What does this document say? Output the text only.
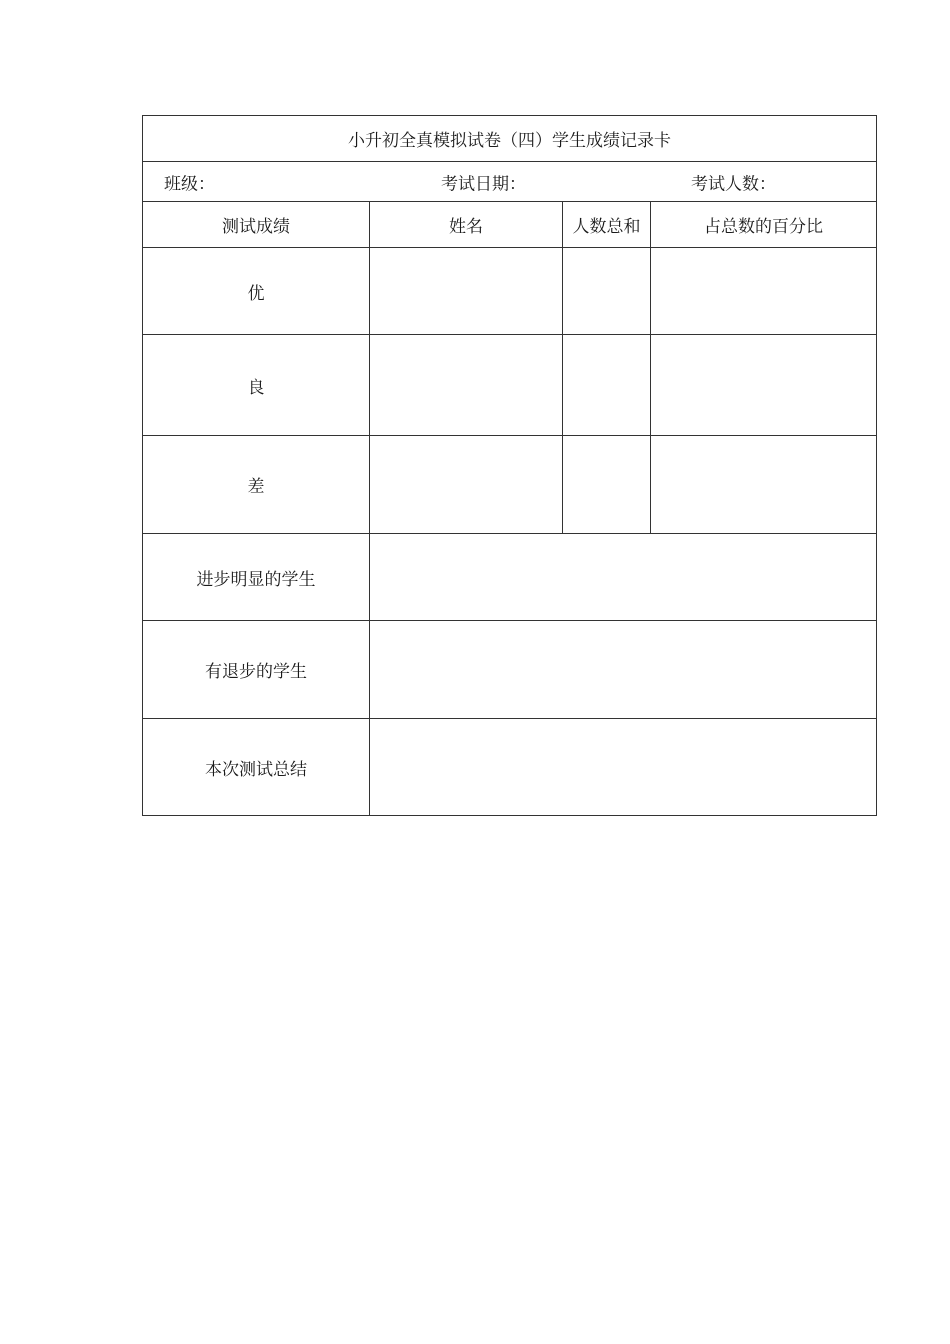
小升初全真模拟试卷（四）学生成绩记录卡			

班级： 考试日期： 考试人数：			

测试成绩	姓名	人数总和	占总数的百分比
优			
良			
差			
进步明显的学生			
有退步的学生			
本次测试总结			
